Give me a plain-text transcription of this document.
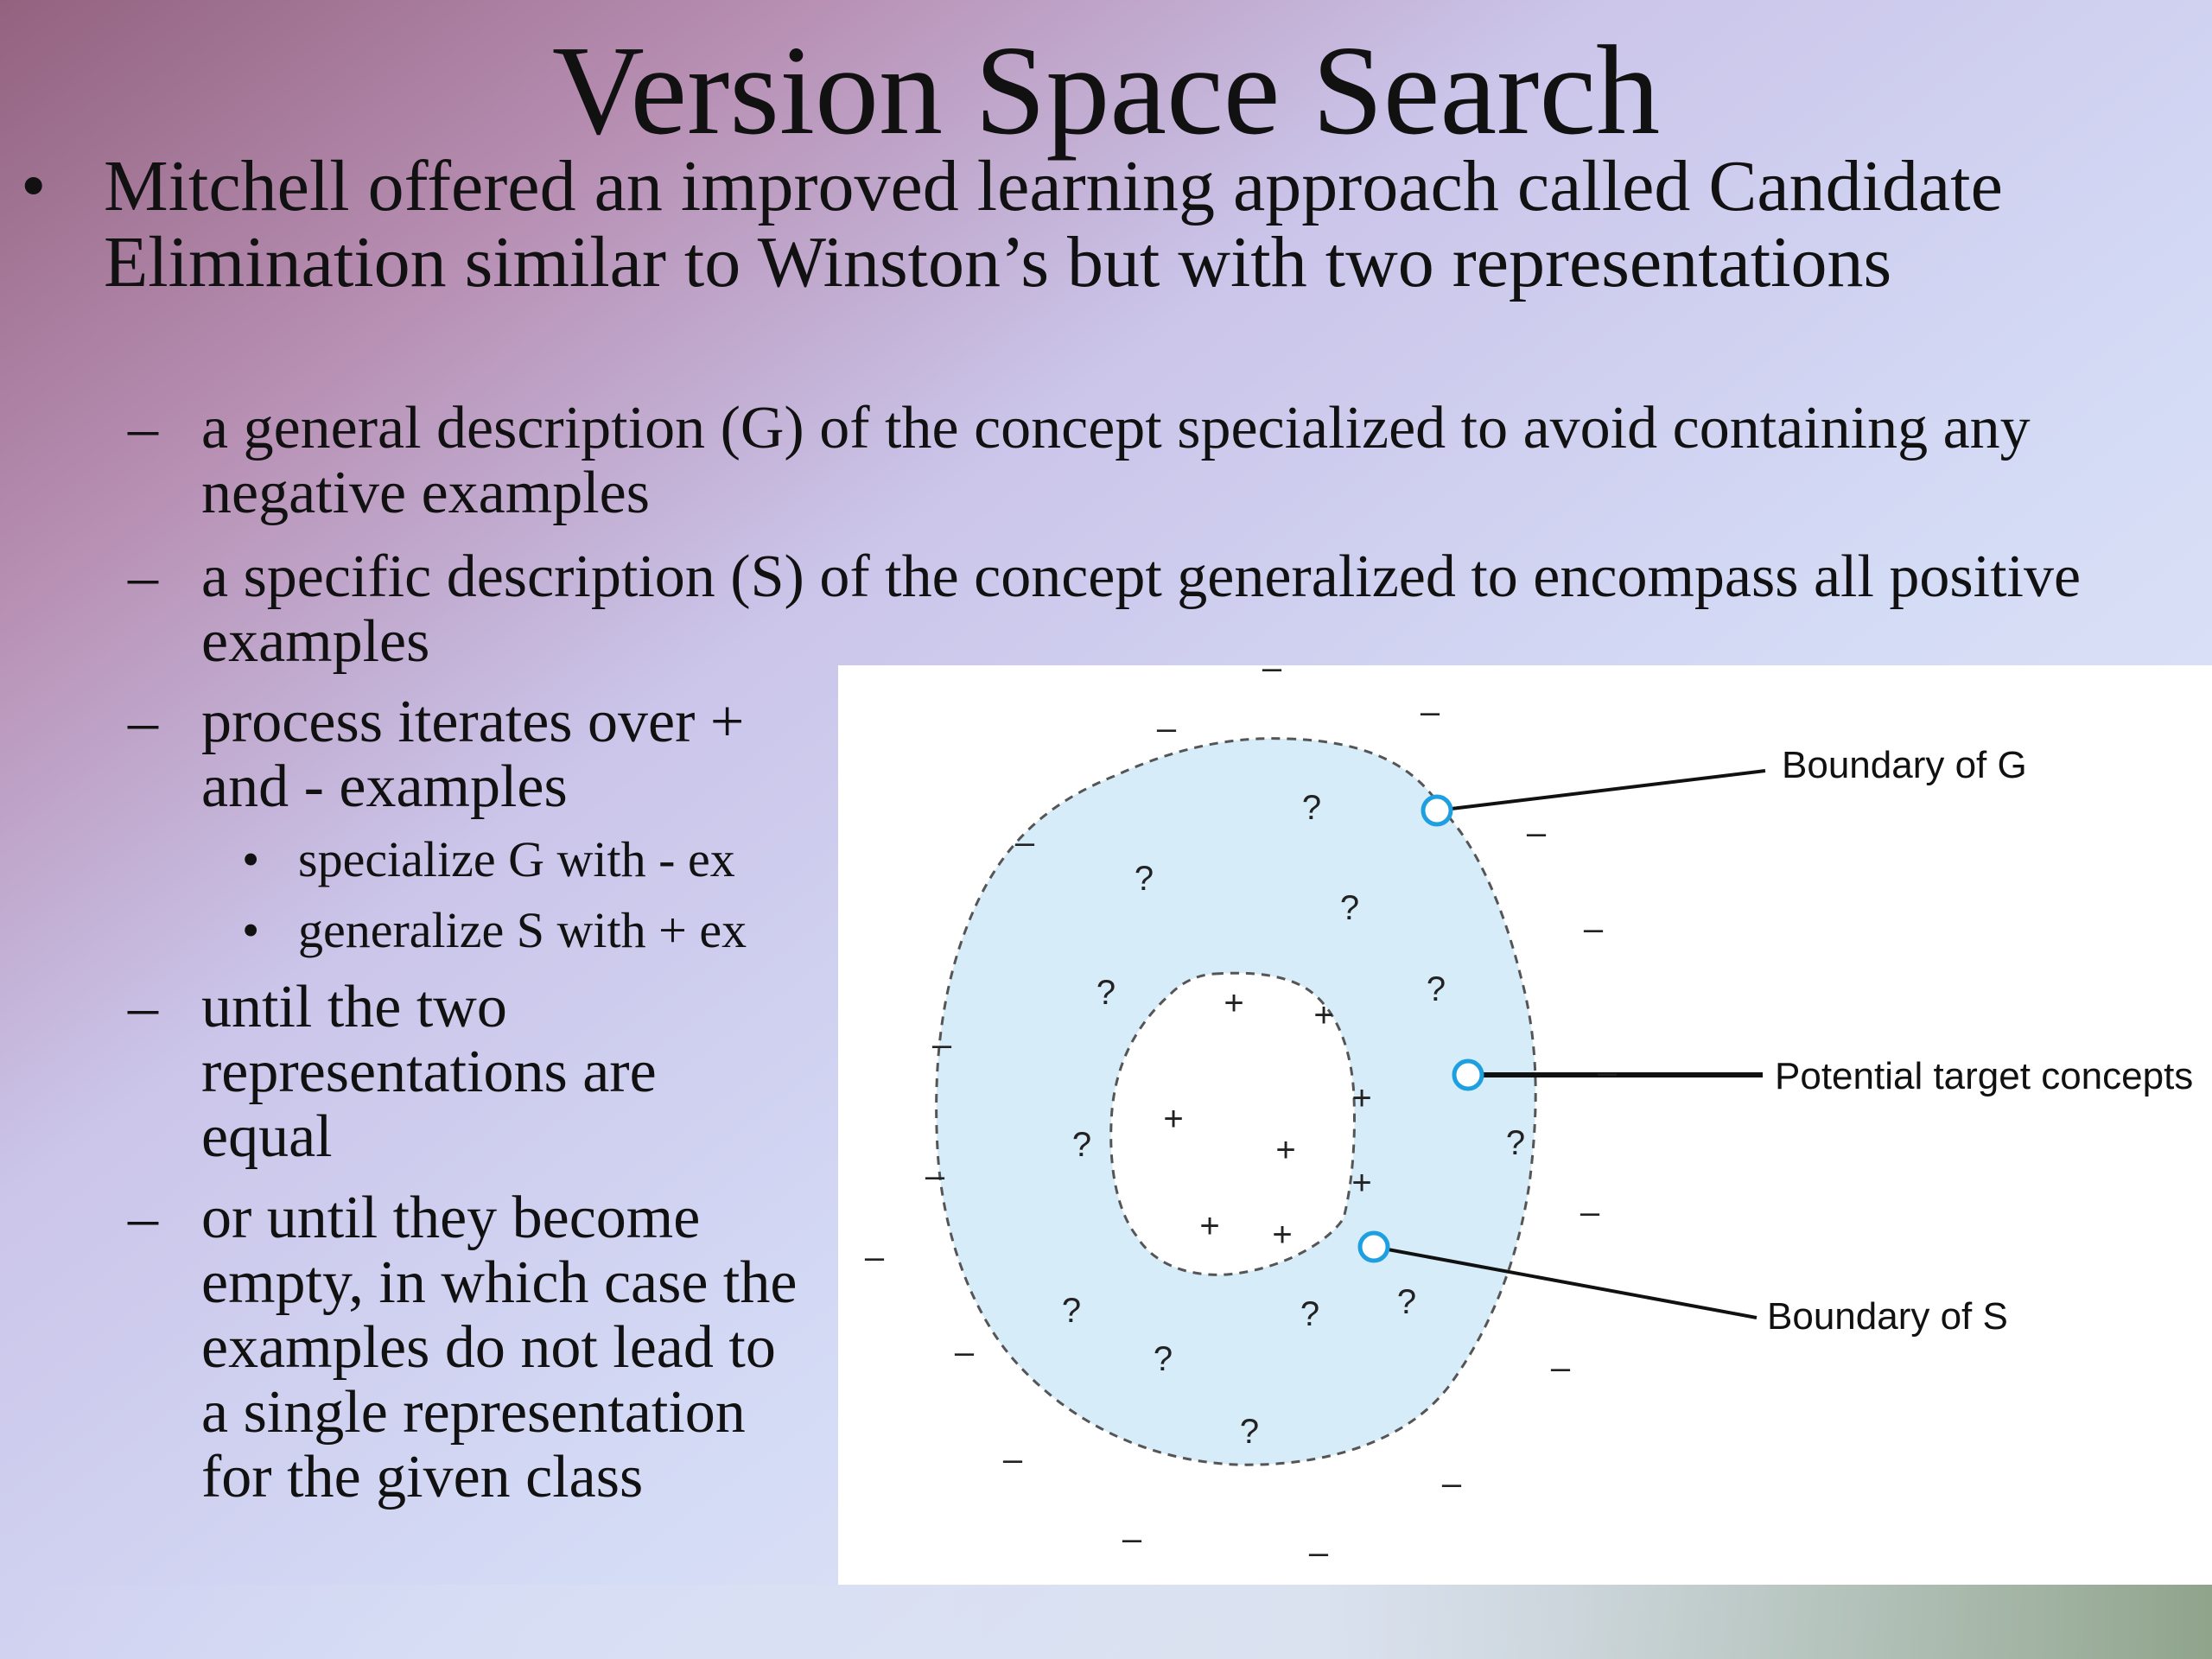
Version Space Search
• Mitchell offered an improved learning approach called Candidate Elimination similar to Winston’s but with two representations
– a general description (G) of the concept specialized to avoid containing any negative examples
– a specific description (S) of the concept generalized to encompass all positive examples
– process iterates over + and - examples
• specialize G with - ex
• generalize S with + ex
– until the two representations are equal
– or until they become empty, in which case the examples do not lead to a single representation for the given class
Boundary of G
Potential target concepts
Boundary of S
–
–	–
–	–
–
–
–
–
–
–
–	–
–
–
–	–
?
?
?
?	?
?	?
?	? ?
?
?
+ +
+
+
+
+
+ +
